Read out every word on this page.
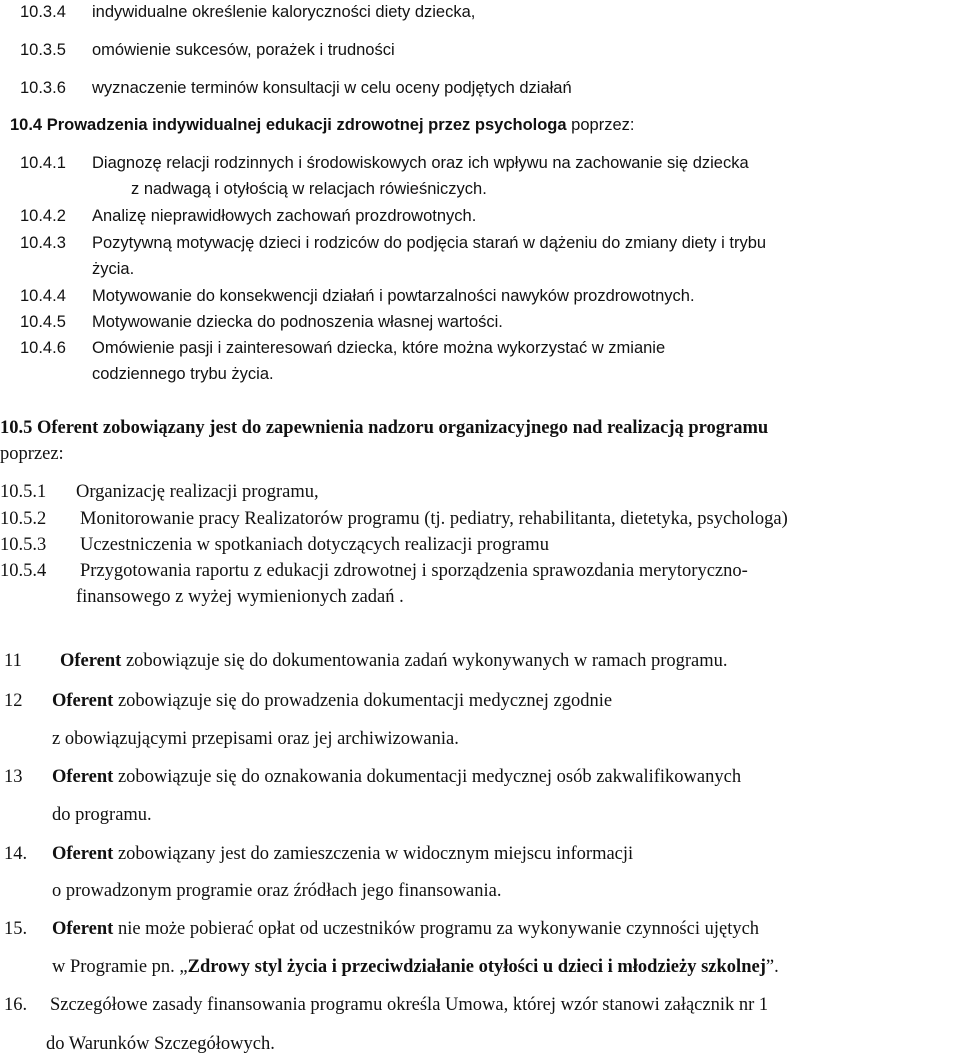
10.3.4 indywidualne określenie kaloryczności diety dziecka,
10.3.5 omówienie sukcesów, porażek i trudności
10.3.6 wyznaczenie terminów konsultacji w celu oceny podjętych działań
10.4 Prowadzenia indywidualnej edukacji zdrowotnej przez psychologa poprzez:
10.4.1 Diagnozę relacji rodzinnych i środowiskowych oraz ich wpływu na zachowanie się dziecka
z nadwagą i otyłością w relacjach rówieśniczych.
10.4.2 Analizę nieprawidłowych zachowań prozdrowotnych.
10.4.3 Pozytywną motywację dzieci i rodziców do podjęcia starań w dążeniu do zmiany diety i trybu
życia.
10.4.4 Motywowanie do konsekwencji działań i powtarzalności nawyków prozdrowotnych.
10.4.5 Motywowanie dziecka do podnoszenia własnej wartości.
10.4.6 Omówienie pasji i zainteresowań dziecka, które można wykorzystać w zmianie
codziennego trybu życia.
10.5 Oferent zobowiązany jest do zapewnienia nadzoru organizacyjnego nad realizacją programu
poprzez:
10.5.1 Organizację realizacji programu,
10.5.2 Monitorowanie pracy Realizatorów programu (tj. pediatry, rehabilitanta, dietetyka, psychologa)
10.5.3 Uczestniczenia w spotkaniach dotyczących realizacji programu
10.5.4 Przygotowania raportu z edukacji zdrowotnej i sporządzenia sprawozdania merytoryczno-
finansowego z wyżej wymienionych zadań .
11 Oferent zobowiązuje się do dokumentowania zadań wykonywanych w ramach programu.
12 Oferent zobowiązuje się do prowadzenia dokumentacji medycznej zgodnie
z obowiązującymi przepisami oraz jej archiwizowania.
13 Oferent zobowiązuje się do oznakowania dokumentacji medycznej osób zakwalifikowanych
do programu.
14. Oferent zobowiązany jest do zamieszczenia w widocznym miejscu informacji
o prowadzonym programie oraz źródłach jego finansowania.
15. Oferent nie może pobierać opłat od uczestników programu za wykonywanie czynności ujętych
w Programie pn. „Zdrowy styl życia i przeciwdziałanie otyłości u dzieci i młodzieży szkolnej”.
16. Szczegółowe zasady finansowania programu określa Umowa, której wzór stanowi załącznik nr 1
do Warunków Szczegółowych.
